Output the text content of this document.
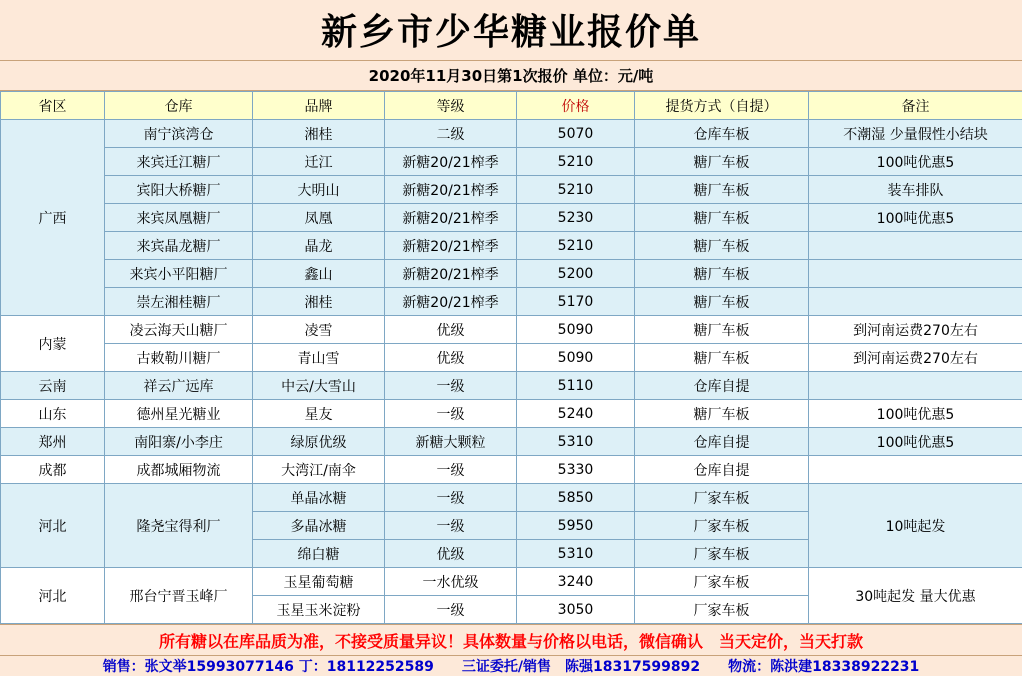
新乡市少华糖业报价单
2020年11月30日第1次报价 单位：元/吨
省区	仓库	品牌	等级	价格	提货方式（自提）	备注
广西	南宁滨湾仓	湘桂	二级	5070	仓库车板	不潮湿 少量假性小结块
	来宾迁江糖厂	迁江	新糖20/21榨季	5210	糖厂车板	100吨优惠5
	宾阳大桥糖厂	大明山	新糖20/21榨季	5210	糖厂车板	装车排队
	来宾凤凰糖厂	凤凰	新糖20/21榨季	5230	糖厂车板	100吨优惠5
	来宾晶龙糖厂	晶龙	新糖20/21榨季	5210	糖厂车板	
	来宾小平阳糖厂	鑫山	新糖20/21榨季	5200	糖厂车板	
	崇左湘桂糖厂	湘桂	新糖20/21榨季	5170	糖厂车板	
内蒙	凌云海天山糖厂	凌雪	优级	5090	糖厂车板	到河南运费270左右
	古敕勒川糖厂	青山雪	优级	5090	糖厂车板	到河南运费270左右
云南	祥云广远库	中云/大雪山	一级	5110	仓库自提	
山东	德州星光糖业	星友	一级	5240	糖厂车板	100吨优惠5
郑州	南阳寨/小李庄	绿原优级	新糖大颗粒	5310	仓库自提	100吨优惠5
成都	成都城厢物流	大湾江/南伞	一级	5330	仓库自提	
河北	隆尧宝得利厂	单晶冰糖	一级	5850	厂家车板	10吨起发
		多晶冰糖	一级	5950	厂家车板	
		绵白糖	优级	5310	厂家车板	
河北	邢台宁晋玉峰厂	玉星葡萄糖	一水优级	3240	厂家车板	30吨起发 量大优惠
		玉星玉米淀粉	一级	3050	厂家车板	
所有糖以在库品质为准，不接受质量异议！具体数量与价格以电话，微信确认　当天定价，当天打款
销售：张文举15993077146 丁：18112252589　　三证委托/销售　陈强18317599892　　物流：陈洪建18338922231
